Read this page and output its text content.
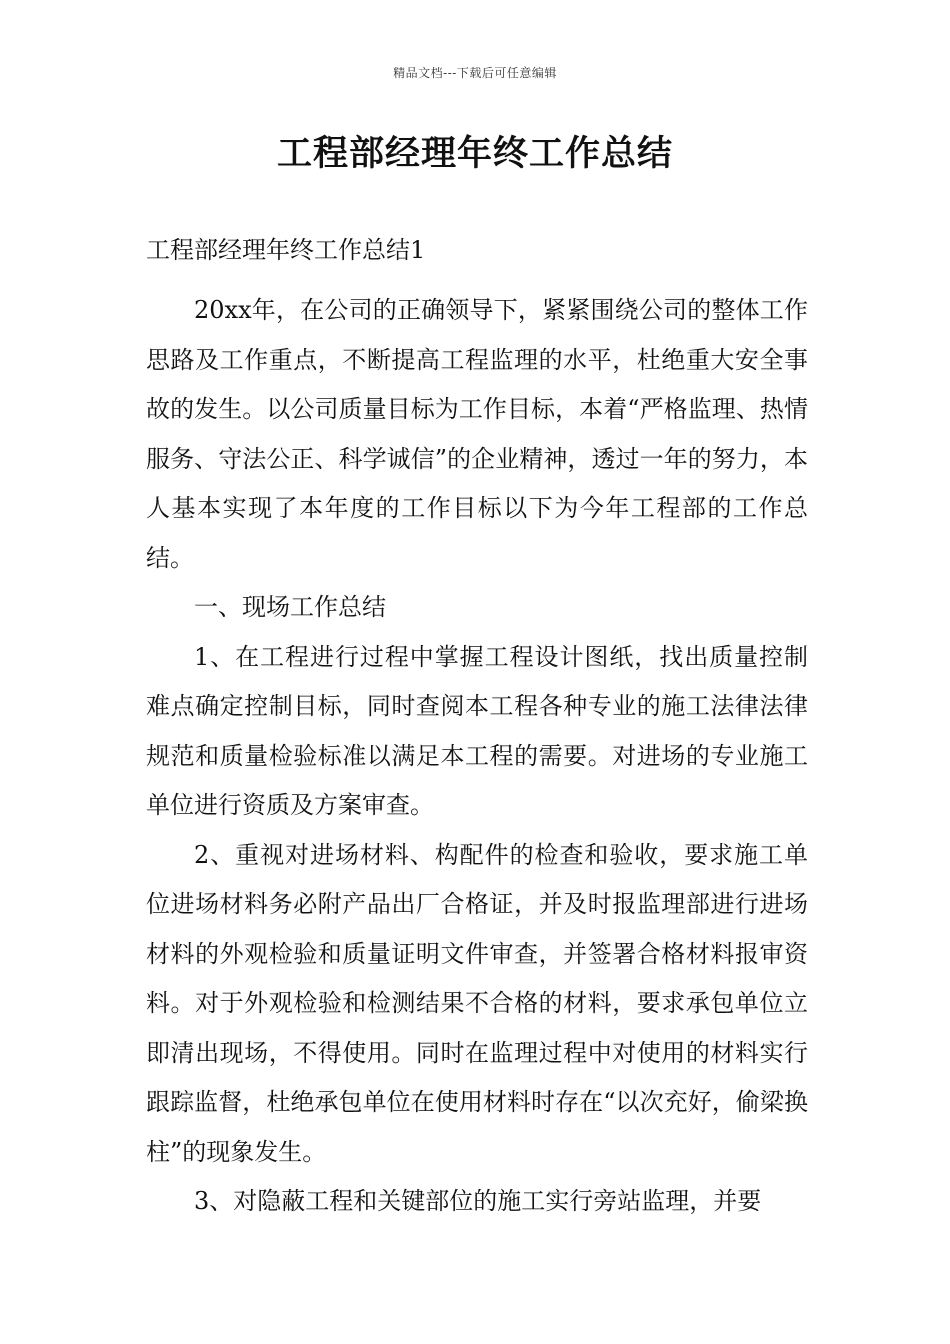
精品文档---下载后可任意编辑
工程部经理年终工作总结

工程部经理年终工作总结1

20xx年，在公司的正确领导下，紧紧围绕公司的整体工作思路及工作重点，不断提高工程监理的水平，杜绝重大安全事故的发生。以公司质量目标为工作目标，本着“严格监理、热情服务、守法公正、科学诚信”的企业精神，透过一年的努力，本人基本实现了本年度的工作目标以下为今年工程部的工作总结。

一、现场工作总结

1、在工程进行过程中掌握工程设计图纸，找出质量控制难点确定控制目标，同时查阅本工程各种专业的施工法律法律规范和质量检验标准以满足本工程的需要。对进场的专业施工单位进行资质及方案审查。

2、重视对进场材料、构配件的检查和验收，要求施工单位进场材料务必附产品出厂合格证，并及时报监理部进行进场材料的外观检验和质量证明文件审查，并签署合格材料报审资料。对于外观检验和检测结果不合格的材料，要求承包单位立即清出现场，不得使用。同时在监理过程中对使用的材料实行跟踪监督，杜绝承包单位在使用材料时存在“以次充好，偷梁换柱”的现象发生。

3、对隐蔽工程和关键部位的施工实行旁站监理，并要
